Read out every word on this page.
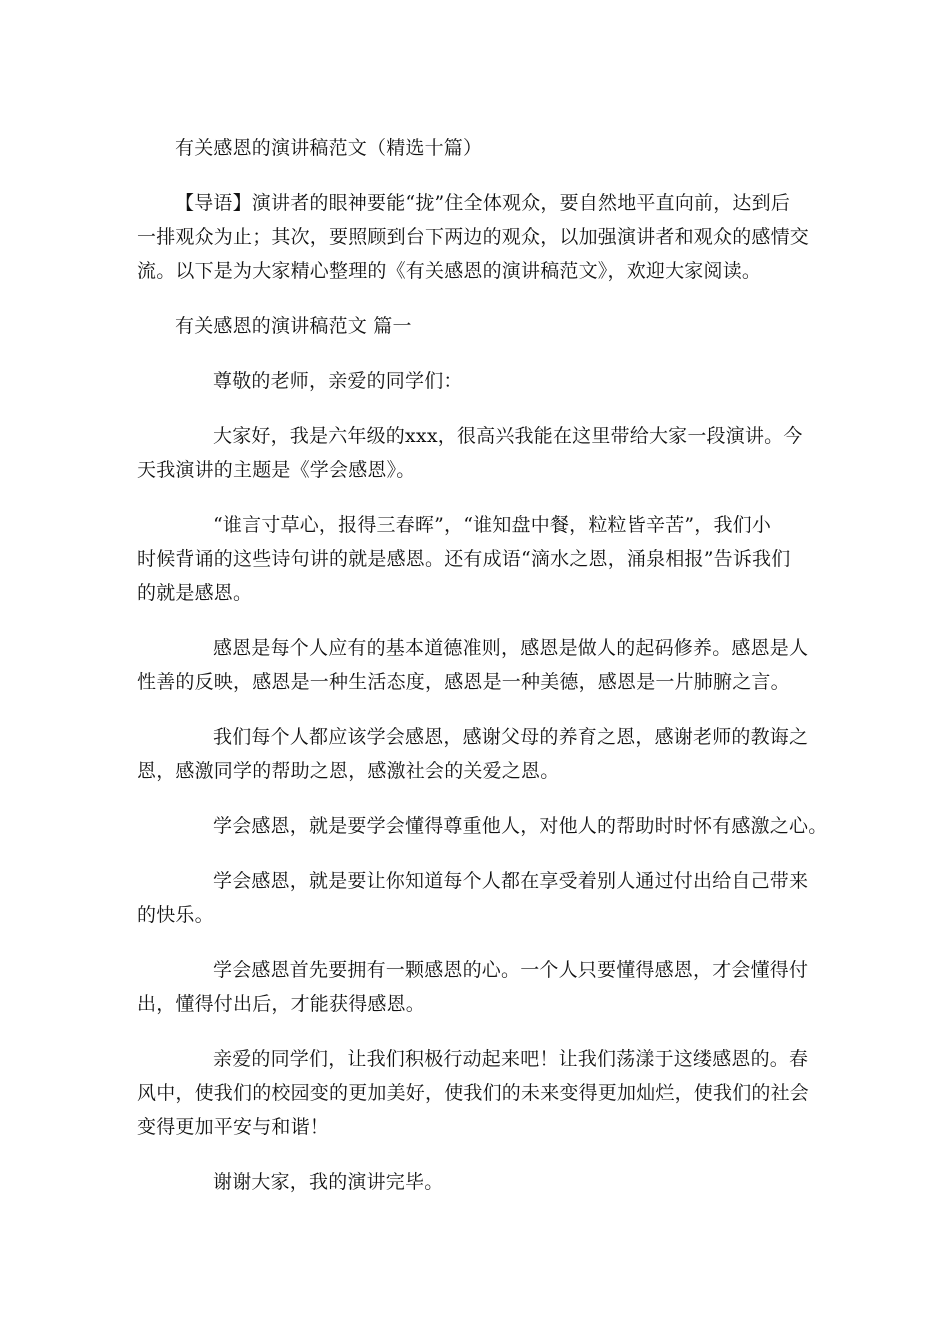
有关感恩的演讲稿范文（精选十篇）
【导语】演讲者的眼神要能“拢”住全体观众，要自然地平直向前，达到后
一排观众为止；其次，要照顾到台下两边的观众，以加强演讲者和观众的感情交
流。以下是为大家精心整理的《有关感恩的演讲稿范文》，欢迎大家阅读。
有关感恩的演讲稿范文 篇一
尊敬的老师，亲爱的同学们：
大家好，我是六年级的xxx，很高兴我能在这里带给大家一段演讲。今
天我演讲的主题是《学会感恩》。
“谁言寸草心，报得三春晖”，“谁知盘中餐，粒粒皆辛苦”，我们小
时候背诵的这些诗句讲的就是感恩。还有成语“滴水之恩，涌泉相报”告诉我们
的就是感恩。
感恩是每个人应有的基本道德准则，感恩是做人的起码修养。感恩是人
性善的反映，感恩是一种生活态度，感恩是一种美德，感恩是一片肺腑之言。
我们每个人都应该学会感恩，感谢父母的养育之恩，感谢老师的教诲之
恩，感激同学的帮助之恩，感激社会的关爱之恩。
学会感恩，就是要学会懂得尊重他人，对他人的帮助时时怀有感激之心。
学会感恩，就是要让你知道每个人都在享受着别人通过付出给自己带来
的快乐。
学会感恩首先要拥有一颗感恩的心。一个人只要懂得感恩，才会懂得付
出，懂得付出后，才能获得感恩。
亲爱的同学们，让我们积极行动起来吧！让我们荡漾于这缕感恩的。春
风中，使我们的校园变的更加美好，使我们的未来变得更加灿烂，使我们的社会
变得更加平安与和谐！
谢谢大家，我的演讲完毕。
